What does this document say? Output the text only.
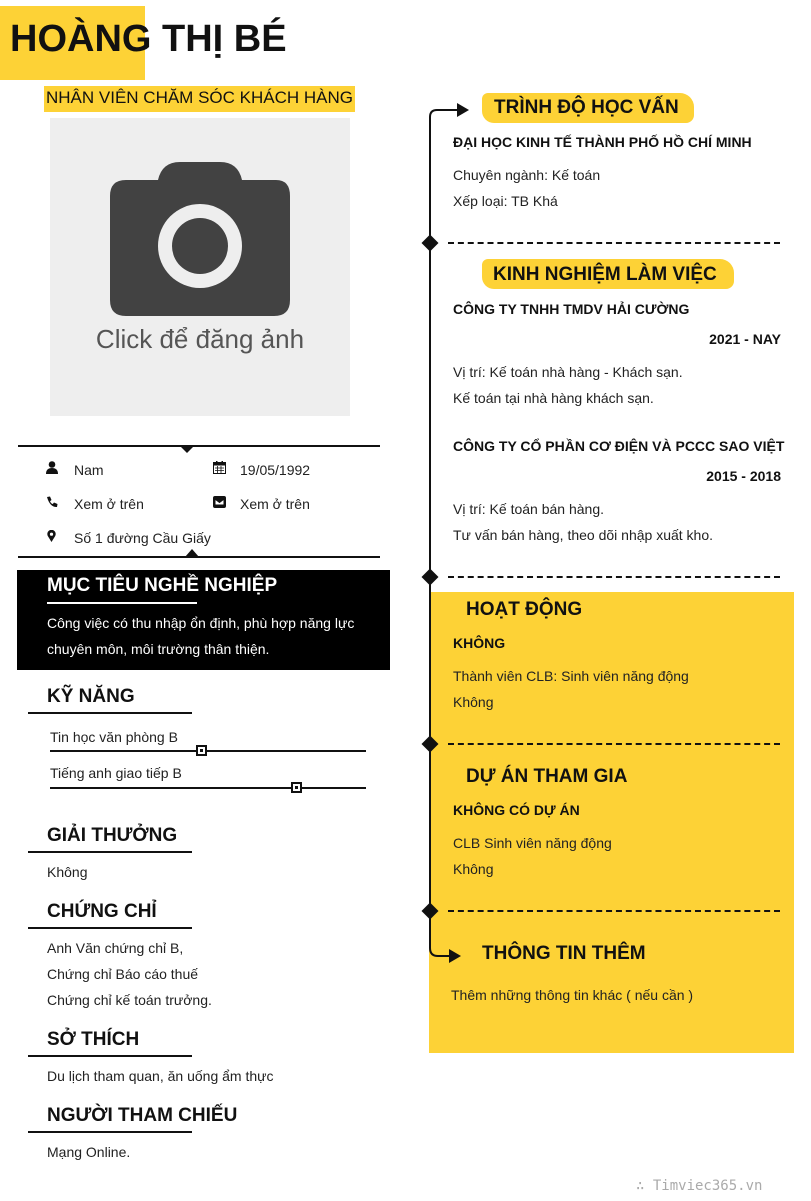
HOÀNG THỊ BÉ
NHÂN VIÊN CHĂM SÓC KHÁCH HÀNG
Click để đăng ảnh
Nam	19/05/1992
Xem ở trên	Xem ở trên
Số 1 đường Cầu Giấy
MỤC TIÊU NGHỀ NGHIỆP
Công việc có thu nhập ổn định, phù hợp năng lực chuyên môn, môi trường thân thiện.
KỸ NĂNG
Tin học văn phòng B
Tiếng anh giao tiếp B
GIẢI THƯỞNG
Không
CHỨNG CHỈ
Anh Văn chứng chỉ B,
Chứng chỉ Báo cáo thuế
Chứng chỉ kế toán trưởng.
SỞ THÍCH
Du lịch tham quan, ăn uống ẩm thực
NGƯỜI THAM CHIẾU
Mạng Online.
TRÌNH ĐỘ HỌC VẤN
ĐẠI HỌC KINH TẾ THÀNH PHỐ HỒ CHÍ MINH
Chuyên ngành: Kế toán
Xếp loại: TB Khá
KINH NGHIỆM LÀM VIỆC
CÔNG TY TNHH TMDV HẢI CƯỜNG
2021 - NAY
Vị trí: Kế toán nhà hàng - Khách sạn.
Kế toán tại nhà hàng khách sạn.
CÔNG TY CỔ PHẦN CƠ ĐIỆN VÀ PCCC SAO VIỆT
2015 - 2018
Vị trí: Kế toán bán hàng.
Tư vấn bán hàng, theo dõi nhập xuất kho.
HOẠT ĐỘNG
KHÔNG
Thành viên CLB: Sinh viên năng động
Không
DỰ ÁN THAM GIA
KHÔNG CÓ DỰ ÁN
CLB Sinh viên năng động
Không
THÔNG TIN THÊM
Thêm những thông tin khác ( nếu cần )
∴ Timviec365.vn
